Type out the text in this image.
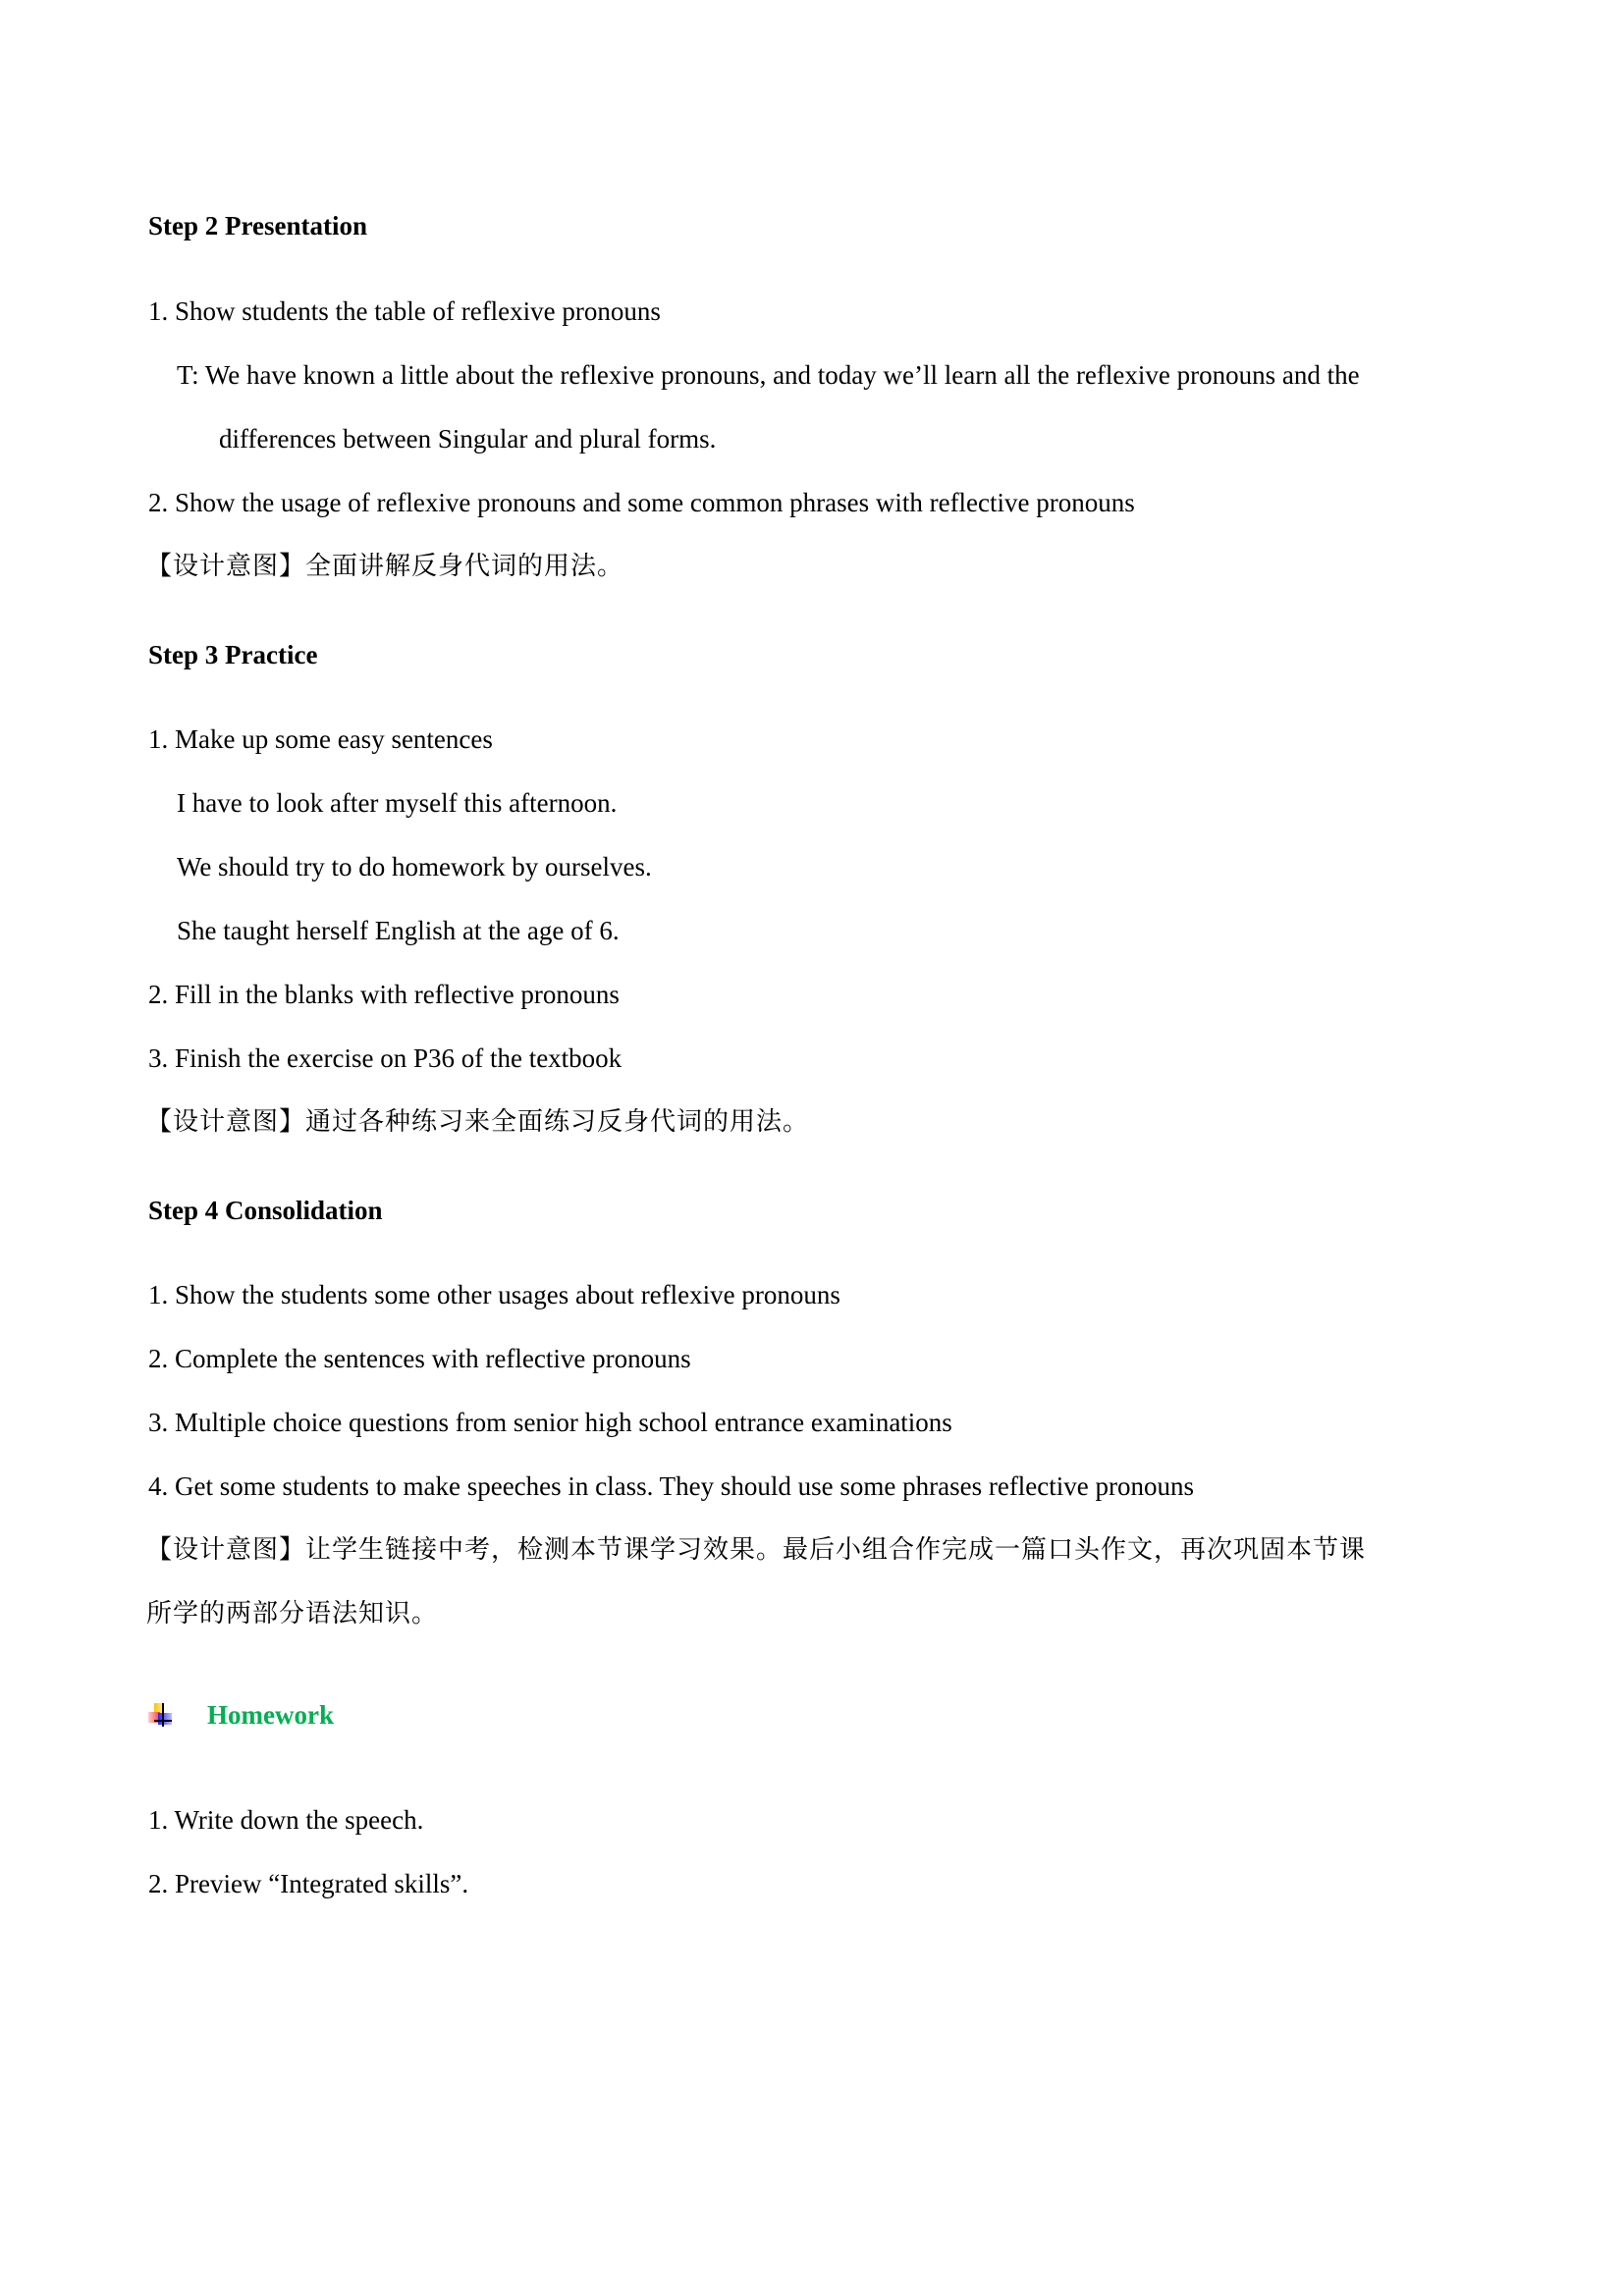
Step 2 Presentation
1. Show students the table of reflexive pronouns
T: We have known a little about the reflexive pronouns, and today we’ll learn all the reflexive pronouns and the
differences between Singular and plural forms.
2. Show the usage of reflexive pronouns and some common phrases with reflective pronouns
【设计意图】全面讲解反身代词的用法。
Step 3 Practice
1. Make up some easy sentences
I have to look after myself this afternoon.
We should try to do homework by ourselves.
She taught herself English at the age of 6.
2. Fill in the blanks with reflective pronouns
3. Finish the exercise on P36 of the textbook
【设计意图】通过各种练习来全面练习反身代词的用法。
Step 4 Consolidation
1. Show the students some other usages about reflexive pronouns
2. Complete the sentences with reflective pronouns
3. Multiple choice questions from senior high school entrance examinations
4. Get some students to make speeches in class. They should use some phrases reflective pronouns
【设计意图】让学生链接中考，检测本节课学习效果。最后小组合作完成一篇口头作文，再次巩固本节课
所学的两部分语法知识。
Homework
1. Write down the speech.
2. Preview “Integrated skills”.
